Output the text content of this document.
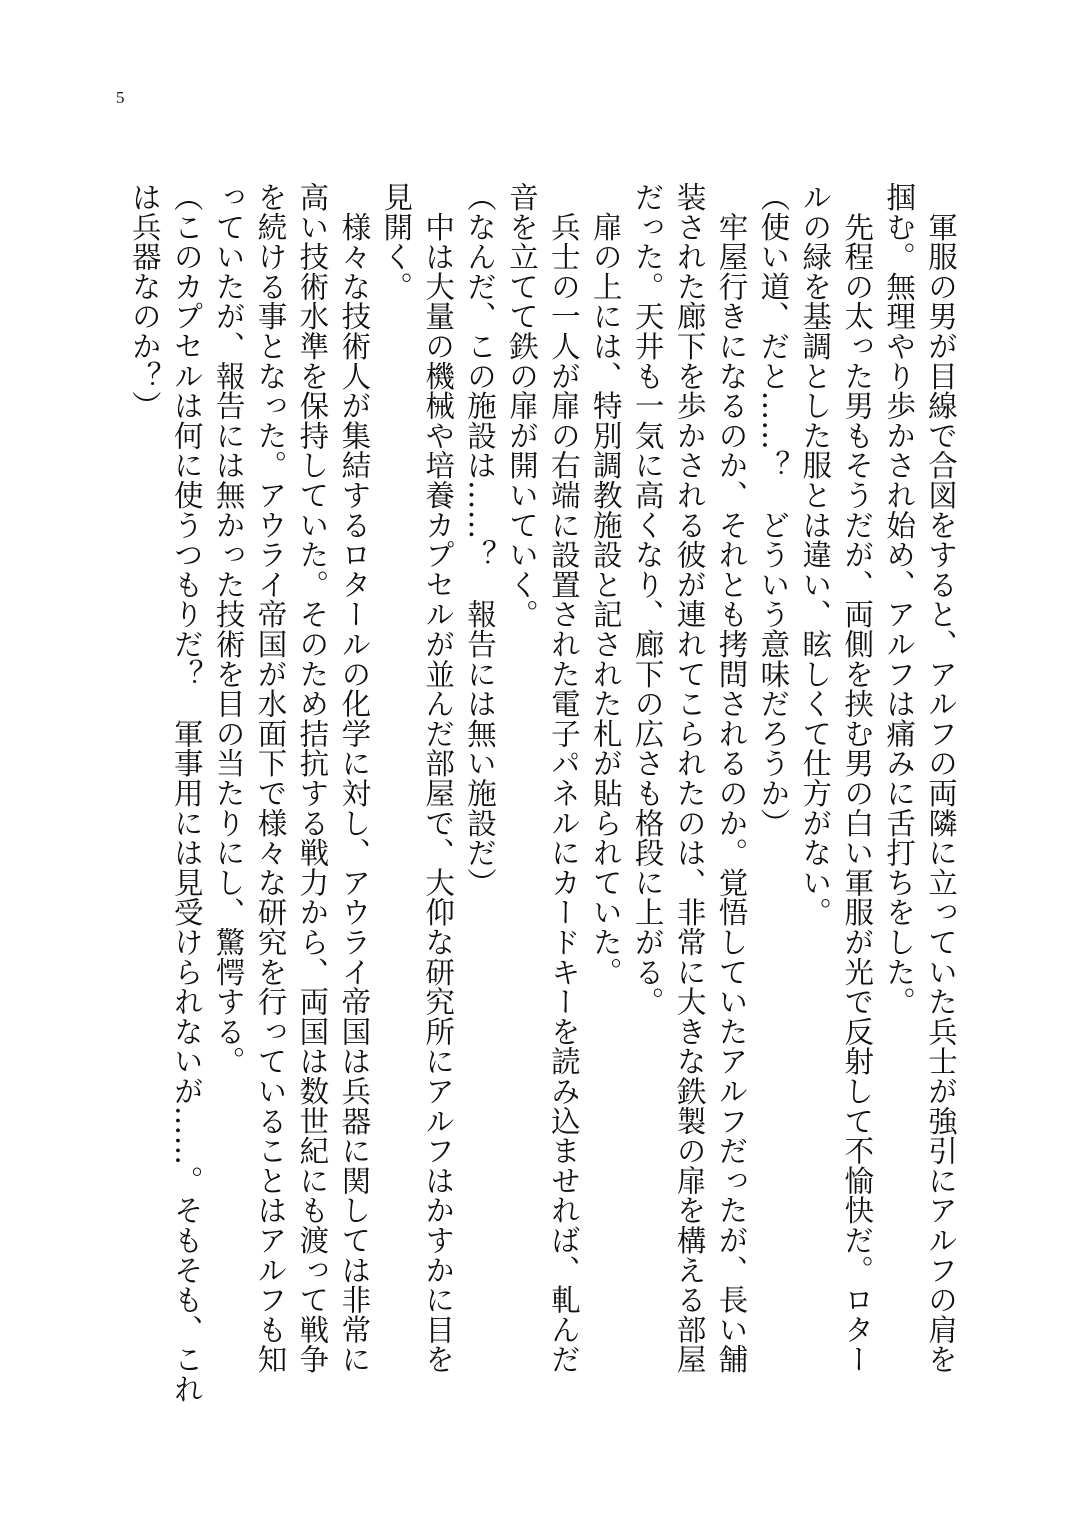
5
　軍服の男が目線で合図をすると、アルフの両隣に立っていた兵士が強引にアルフの肩を
掴む。無理やり歩かされ始め、アルフは痛みに舌打ちをした。
　先程の太った男もそうだが、両側を挟む男の白い軍服が光で反射して不愉快だ。ロター
ルの緑を基調とした服とは違い、眩しくて仕方がない。
（使い道、だと……？　どういう意味だろうか）
　牢屋行きになるのか、それとも拷問されるのか。覚悟していたアルフだったが、長い舗
装された廊下を歩かされる彼が連れてこられたのは、非常に大きな鉄製の扉を構える部屋
だった。天井も一気に高くなり、廊下の広さも格段に上がる。
　扉の上には、特別調教施設と記された札が貼られていた。
　兵士の一人が扉の右端に設置された電子パネルにカードキーを読み込ませれば、軋んだ
音を立てて鉄の扉が開いていく。
（なんだ、この施設は……？　報告には無い施設だ）
　中は大量の機械や培養カプセルが並んだ部屋で、大仰な研究所にアルフはかすかに目を
見開く。
　様々な技術人が集結するロタールの化学に対し、アウライ帝国は兵器に関しては非常に
高い技術水準を保持していた。そのため拮抗する戦力から、両国は数世紀にも渡って戦争
を続ける事となった。アウライ帝国が水面下で様々な研究を行っていることはアルフも知
っていたが、報告には無かった技術を目の当たりにし、驚愕する。
（このカプセルは何に使うつもりだ？　軍事用には見受けられないが……。そもそも、これ
は兵器なのか？）
